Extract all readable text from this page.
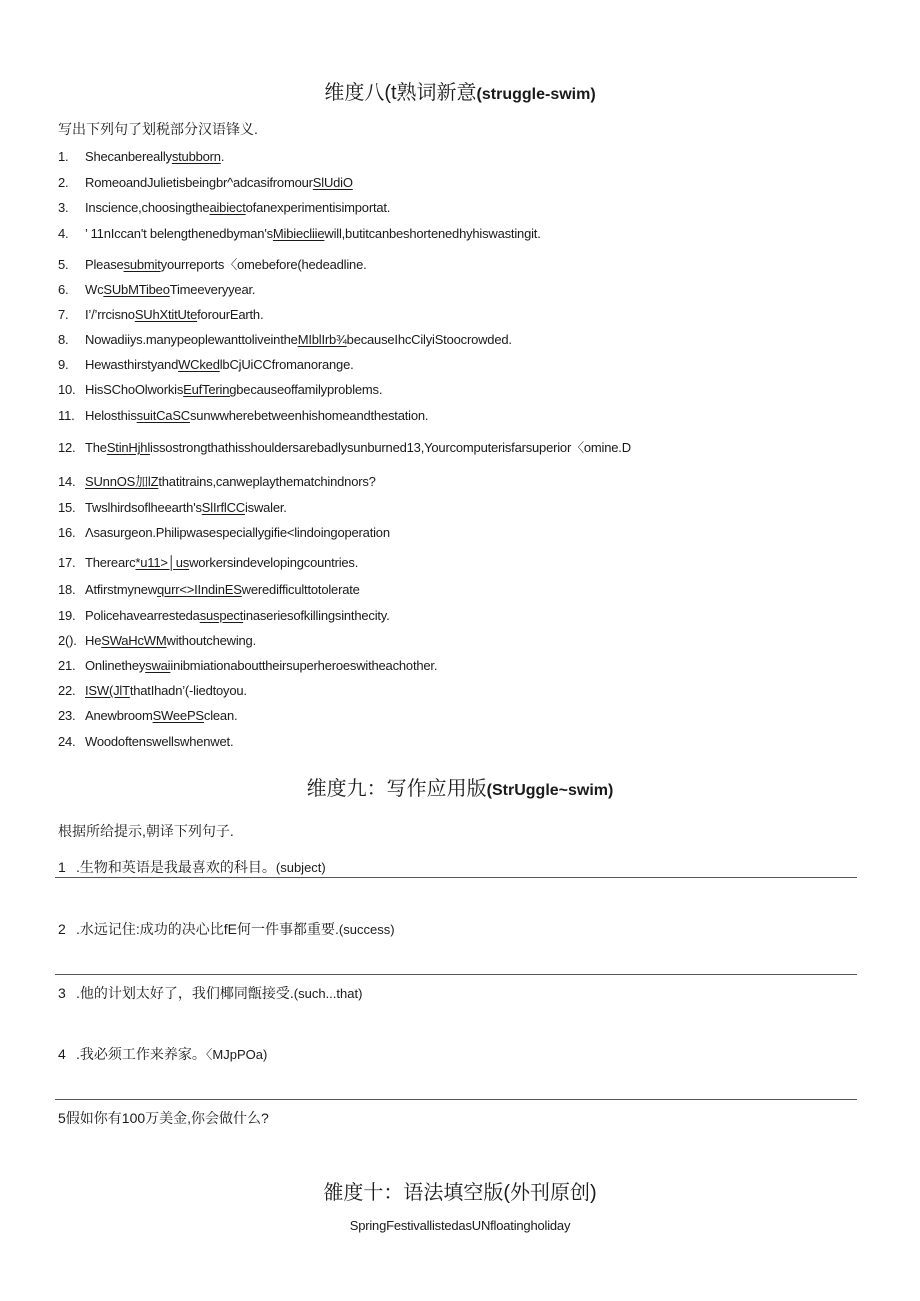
维度八(t熟词新意(struggle-swim)
写出下列句了划税部分汉语锋义.
1. Shecanbereallystubborn.
2. RomeoandJulietisbeingbr^adcasifromourSlUdiO
3. Inscience,choosingtheaibiectofanexperimentisimportat.
4. ’ 11nIccan't belengthenedbyman'sMibiecliiewill,butitcanbeshortenedhyhiswastingit.
5. Pleasesubmityourreports〈omebefore(hedeadline.
6. WcSUbMTibeoTimeeveryyear.
7. I’/’rrcisnoSUhXtitUteforourEarth.
8. Nowadiiys.manypeoplewanttoliveintheMIblIrb¾becauseIhcCilyiStoocrowded.
9. HewasthirstyandWCkedlbCjUiCCfromanorange.
10. HisSChoOlworkisEufTeringbecauseoffamilyproblems.
11. HelosthissuitCaSCsunwwherebetweenhishomeandthestation.
12. TheStinHjhlissostrongthathisshouldersarebadlysunburned13,Yourcomputerisfarsuperior〈omine.D
14. SUnnOS加lZthatitrains,canweplaythematchindnors?
15. Twslhirdsoflheearth'sSlIrflCCiswaler.
16. Λsasurgeon.Philipwasespeciallygifie<lindoingoperation
17. Therearc*u11>│usworkersindevelopingcountries.
18. Atfirstmynewqurr<>IIndinESweredifficulttotolerate
19. Policehavearrestedasuspectinaseriesofkillingsinthecity.
2(). HeSWaHcWMwithoutchewing.
21. Onlinetheyswaiinibmiationabouttheirsuperheroeswitheachother.
22. ISW(JlTthatIhadn’(-liedtoyou.
23. AnewbroomSWeePSclean.
24. Woodoftenswellswhenwet.
维度九：写作应用版(StrUggle~swim)
根据所给提示,朝译下列句子.
1 .生物和英语是我最喜欢的科目。(subject)
2 .水远记住:成功的决心比fE何一件事都重要.(success)
3 .他的计划太好了，我们椰同甑接受.(such...that)
4 .我必须工作来养家。〈MJpPOa)
5假如你有100万美金,你会做什么?
雒度十：语法填空版(外刊原创)
SpringFestivallistedasUNfloatingholiday
